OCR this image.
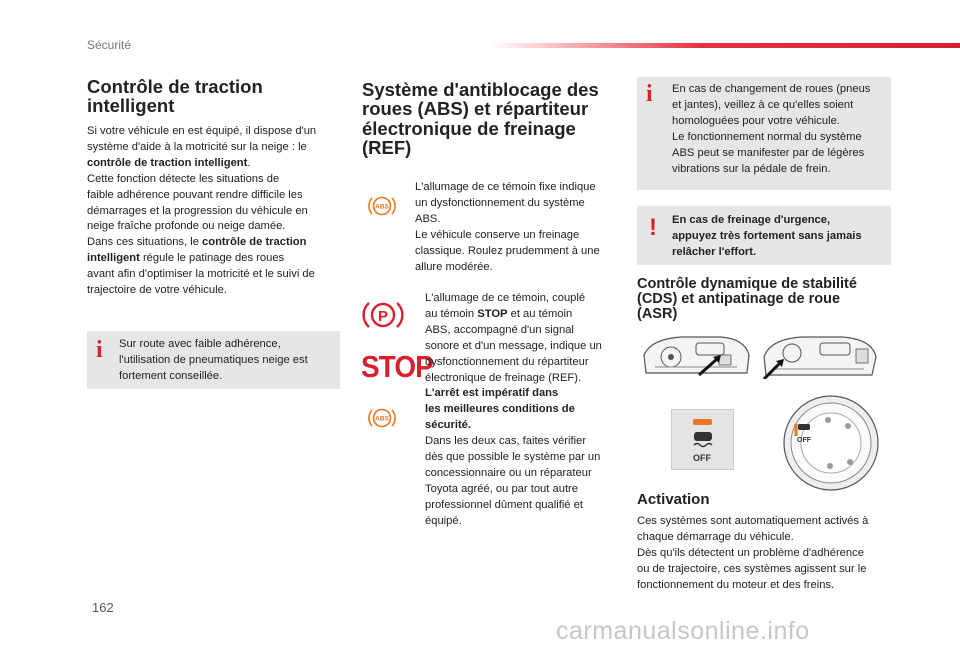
Sécurité
Contrôle de traction
intelligent
Si votre véhicule en est équipé, il dispose d'un
système d'aide à la motricité sur la neige : le
contrôle de traction intelligent.
Cette fonction détecte les situations de
faible adhérence pouvant rendre difficile les
démarrages et la progression du véhicule en
neige fraîche profonde ou neige damée.
Dans ces situations, le contrôle de traction
intelligent régule le patinage des roues
avant afin d'optimiser la motricité et le suivi de
trajectoire de votre véhicule.
i Sur route avec faible adhérence,
l'utilisation de pneumatiques neige est
fortement conseillée.
Système d'antiblocage des
roues (ABS) et répartiteur
électronique de freinage
(REF)
ABS
L'allumage de ce témoin fixe indique
un dysfonctionnement du système
ABS.
Le véhicule conserve un freinage
classique. Roulez prudemment à une
allure modérée.
P
STOP
ABS
L'allumage de ce témoin, couplé
au témoin STOP et au témoin
ABS, accompagné d'un signal
sonore et d'un message, indique un
dysfonctionnement du répartiteur
électronique de freinage (REF).
L'arrêt est impératif dans
les meilleures conditions de
sécurité.
Dans les deux cas, faites vérifier
dès que possible le système par un
concessionnaire ou un réparateur
Toyota agréé, ou par tout autre
professionnel dûment qualifié et
équipé.
i En cas de changement de roues (pneus
et jantes), veillez à ce qu'elles soient
homologuées pour votre véhicule.
Le fonctionnement normal du système
ABS peut se manifester par de légères
vibrations sur la pédale de frein.
! En cas de freinage d'urgence,
appuyez très fortement sans jamais
relâcher l'effort.
Contrôle dynamique de stabilité
(CDS) et antipatinage de roue
(ASR)
OFF
OFF
Activation
Ces systèmes sont automatiquement activés à
chaque démarrage du véhicule.
Dès qu'ils détectent un problème d'adhérence
ou de trajectoire, ces systèmes agissent sur le
fonctionnement du moteur et des freins.
162
carmanualsonline.info
